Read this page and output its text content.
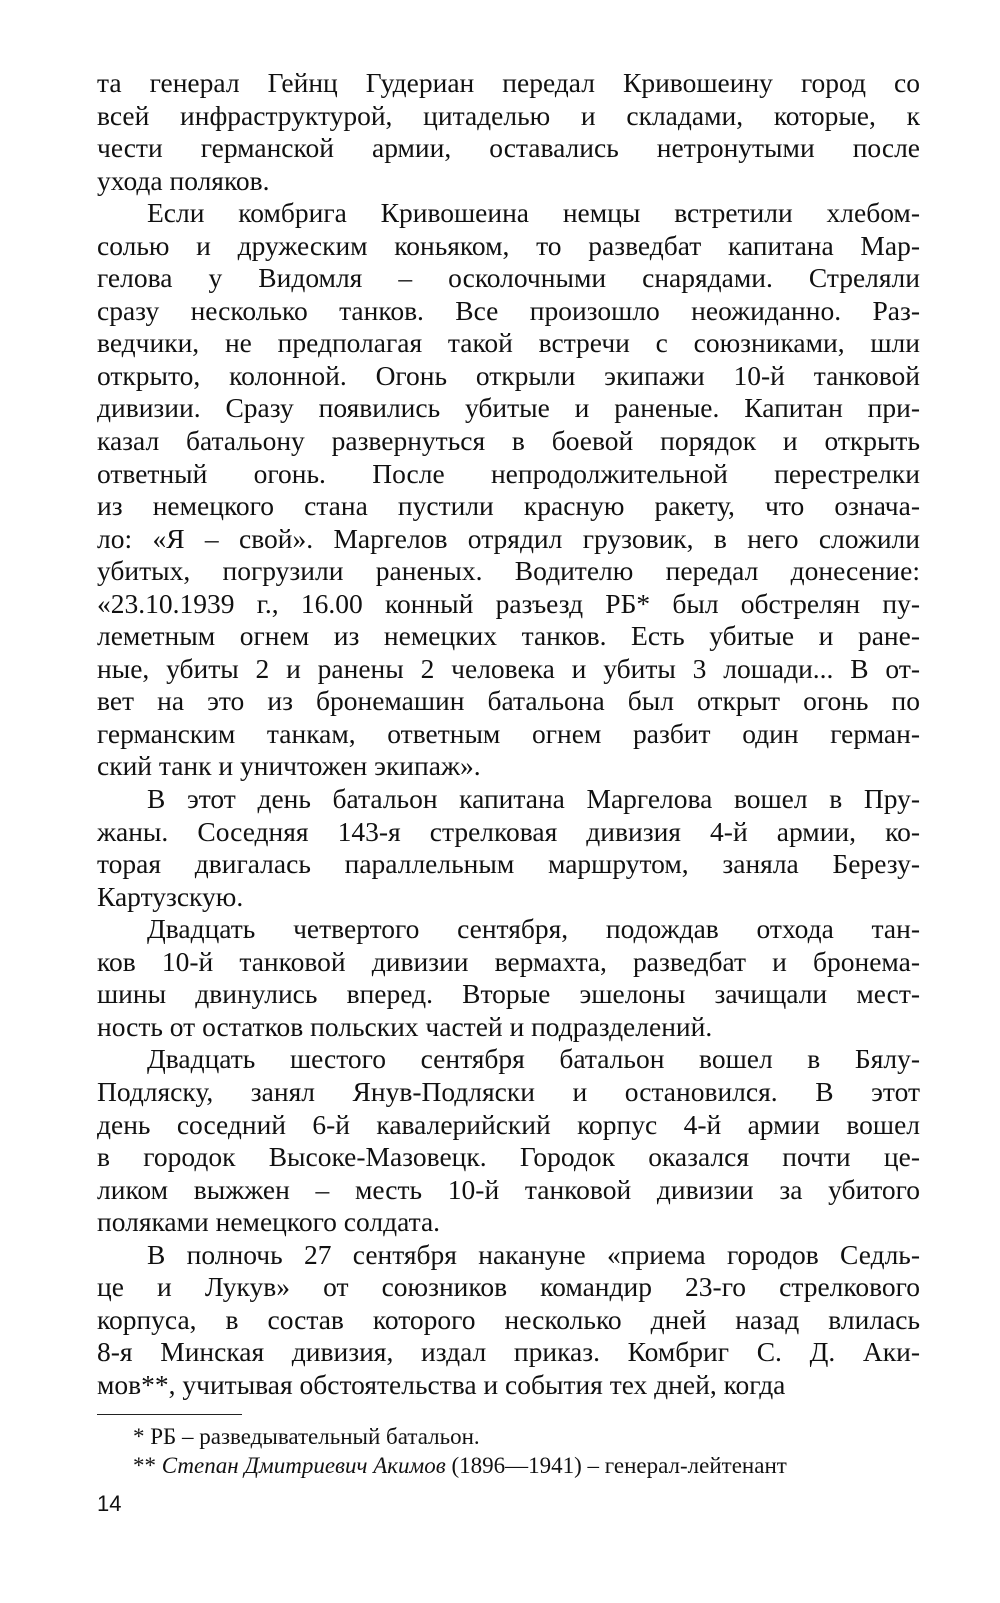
та генерал Гейнц Гудериан передал Кривошеину город со
всей инфраструктурой, цитаделью и складами, которые, к
чести германской армии, оставались нетронутыми после
ухода поляков.
Если комбрига Кривошеина немцы встретили хлебом-
солью и дружеским коньяком, то разведбат капитана Мар-
гелова у Видомля – осколочными снарядами. Стреляли
сразу несколько танков. Все произошло неожиданно. Раз-
ведчики, не предполагая такой встречи с союзниками, шли
открыто, колонной. Огонь открыли экипажи 10-й танковой
дивизии. Сразу появились убитые и раненые. Капитан при-
казал батальону развернуться в боевой порядок и открыть
ответный огонь. После непродолжительной перестрелки
из немецкого стана пустили красную ракету, что означа-
ло: «Я – свой». Маргелов отрядил грузовик, в него сложили
убитых, погрузили раненых. Водителю передал донесение:
«23.10.1939 г., 16.00 конный разъезд РБ* был обстрелян пу-
леметным огнем из немецких танков. Есть убитые и ране-
ные, убиты 2 и ранены 2 человека и убиты 3 лошади... В от-
вет на это из бронемашин батальона был открыт огонь по
германским танкам, ответным огнем разбит один герман-
ский танк и уничтожен экипаж».
В этот день батальон капитана Маргелова вошел в Пру-
жаны. Соседняя 143-я стрелковая дивизия 4-й армии, ко-
торая двигалась параллельным маршрутом, заняла Березу-
Картузскую.
Двадцать четвертого сентября, подождав отхода тан-
ков 10-й танковой дивизии вермахта, разведбат и бронема-
шины двинулись вперед. Вторые эшелоны зачищали мест-
ность от остатков польских частей и подразделений.
Двадцать шестого сентября батальон вошел в Бялу-
Подляску, занял Янув-Подляски и остановился. В этот
день соседний 6-й кавалерийский корпус 4-й армии вошел
в городок Высоке-Мазовецк. Городок оказался почти це-
ликом выжжен – месть 10-й танковой дивизии за убитого
поляками немецкого солдата.
В полночь 27 сентября накануне «приема городов Седль-
це и Лукув» от союзников командир 23-го стрелкового
корпуса, в состав которого несколько дней назад влилась
8-я Минская дивизия, издал приказ. Комбриг С. Д. Аки-
мов**, учитывая обстоятельства и события тех дней, когда
* РБ – разведывательный батальон.
** Степан Дмитриевич Акимов (1896—1941) – генерал-лейтенант
14
